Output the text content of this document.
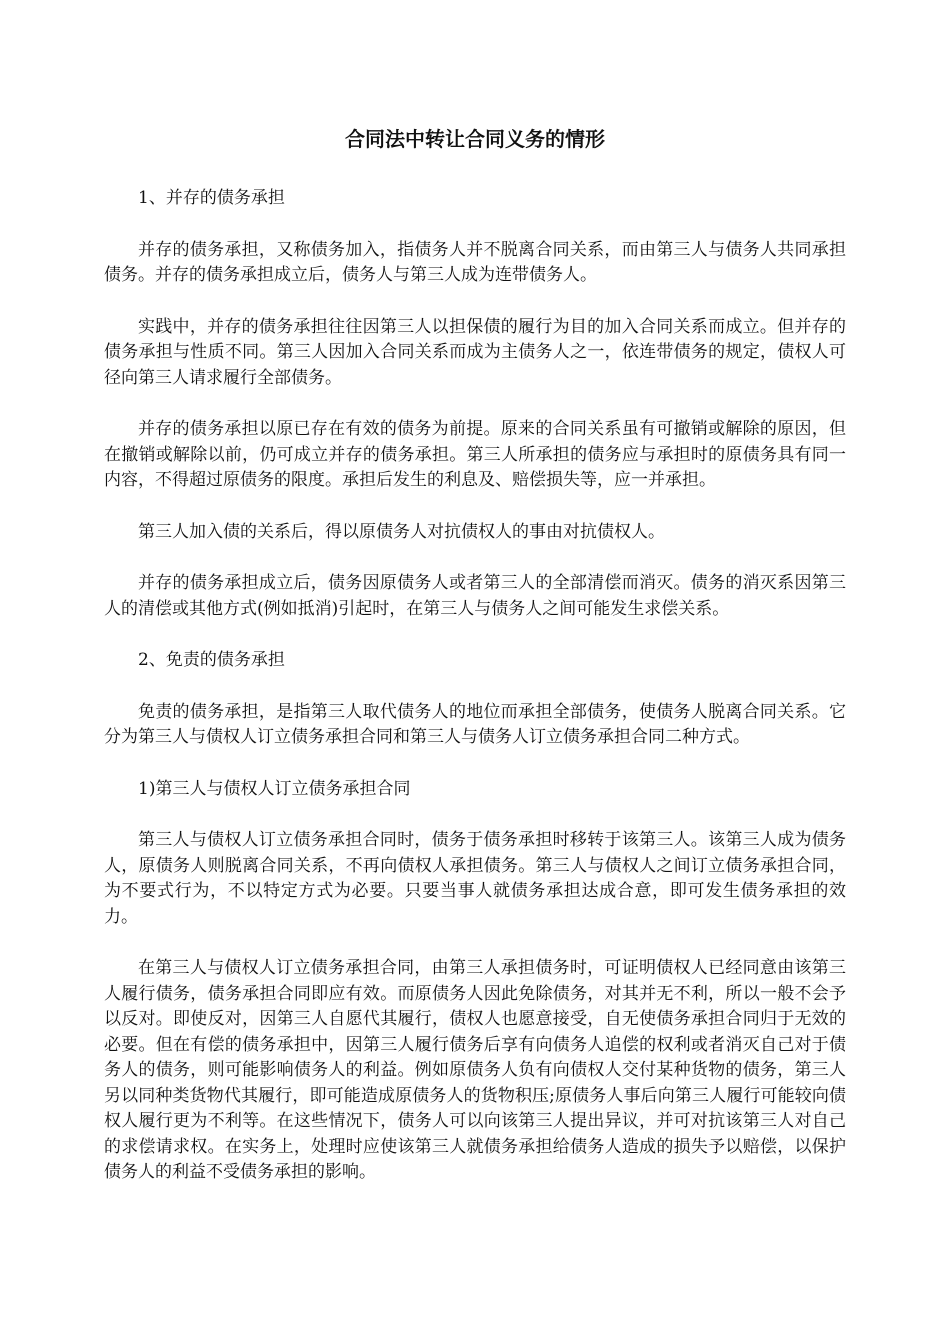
合同法中转让合同义务的情形

1、并存的债务承担

并存的债务承担，又称债务加入，指债务人并不脱离合同关系，而由第三人与债务人共同承担债务。并存的债务承担成立后，债务人与第三人成为连带债务人。

实践中，并存的债务承担往往因第三人以担保债的履行为目的加入合同关系而成立。但并存的债务承担与性质不同。第三人因加入合同关系而成为主债务人之一，依连带债务的规定，债权人可径向第三人请求履行全部债务。

并存的债务承担以原已存在有效的债务为前提。原来的合同关系虽有可撤销或解除的原因，但在撤销或解除以前，仍可成立并存的债务承担。第三人所承担的债务应与承担时的原债务具有同一内容，不得超过原债务的限度。承担后发生的利息及、赔偿损失等，应一并承担。

第三人加入债的关系后，得以原债务人对抗债权人的事由对抗债权人。

并存的债务承担成立后，债务因原债务人或者第三人的全部清偿而消灭。债务的消灭系因第三人的清偿或其他方式(例如抵消)引起时，在第三人与债务人之间可能发生求偿关系。

2、免责的债务承担

免责的债务承担，是指第三人取代债务人的地位而承担全部债务，使债务人脱离合同关系。它分为第三人与债权人订立债务承担合同和第三人与债务人订立债务承担合同二种方式。

1)第三人与债权人订立债务承担合同

第三人与债权人订立债务承担合同时，债务于债务承担时移转于该第三人。该第三人成为债务人，原债务人则脱离合同关系，不再向债权人承担债务。第三人与债权人之间订立债务承担合同，为不要式行为，不以特定方式为必要。只要当事人就债务承担达成合意，即可发生债务承担的效力。

在第三人与债权人订立债务承担合同，由第三人承担债务时，可证明债权人已经同意由该第三人履行债务，债务承担合同即应有效。而原债务人因此免除债务，对其并无不利，所以一般不会予以反对。即使反对，因第三人自愿代其履行，债权人也愿意接受，自无使债务承担合同归于无效的必要。但在有偿的债务承担中，因第三人履行债务后享有向债务人追偿的权利或者消灭自己对于债务人的债务，则可能影响债务人的利益。例如原债务人负有向债权人交付某种货物的债务，第三人另以同种类货物代其履行，即可能造成原债务人的货物积压;原债务人事后向第三人履行可能较向债权人履行更为不利等。在这些情况下，债务人可以向该第三人提出异议，并可对抗该第三人对自己的求偿请求权。在实务上，处理时应使该第三人就债务承担给债务人造成的损失予以赔偿，以保护债务人的利益不受债务承担的影响。
